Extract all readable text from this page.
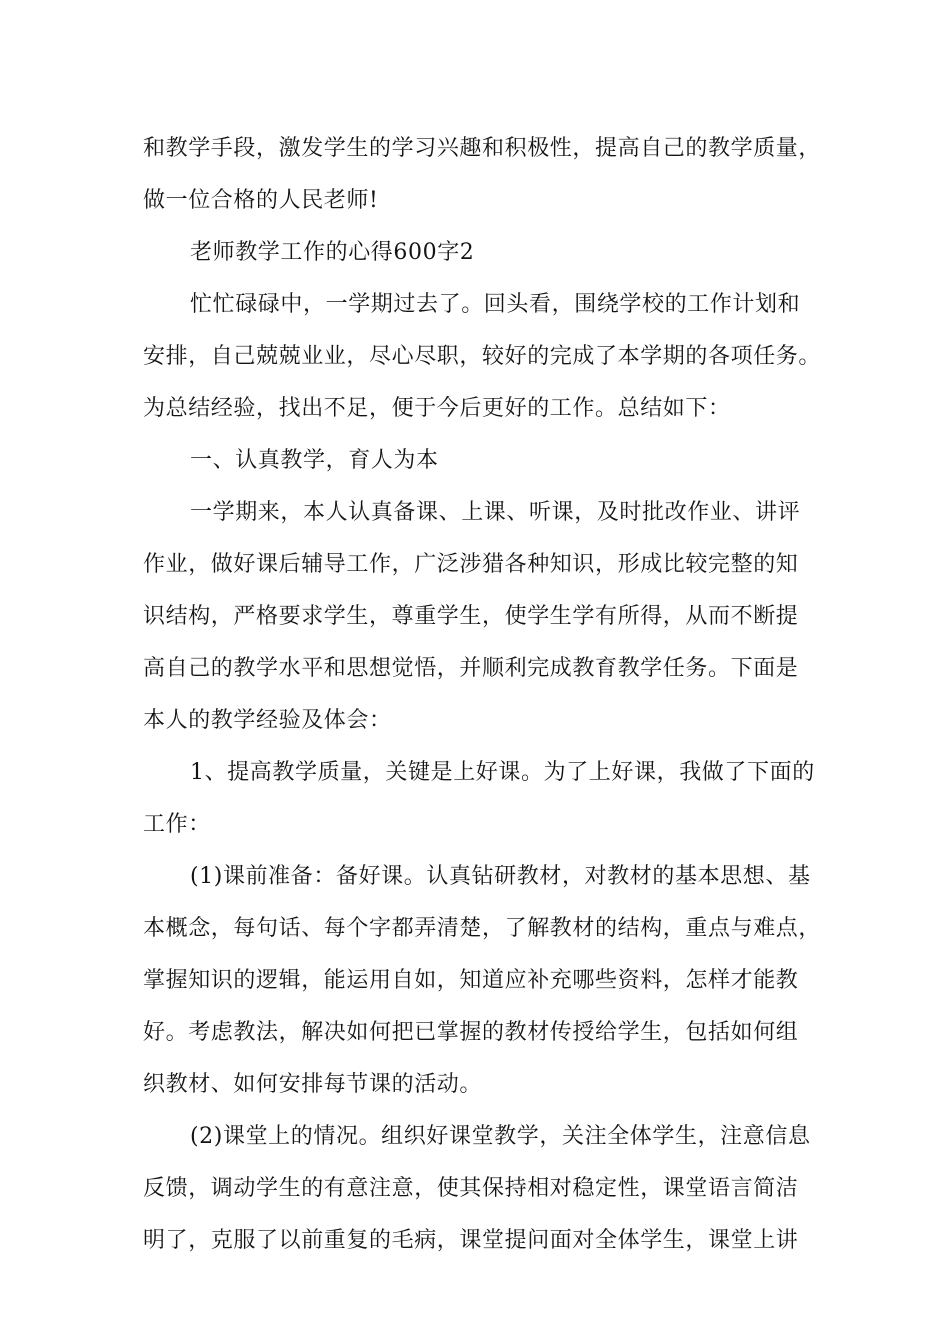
和教学手段，激发学生的学习兴趣和积极性，提高自己的教学质量，
做一位合格的人民老师!
老师教学工作的心得600字2
忙忙碌碌中，一学期过去了。回头看，围绕学校的工作计划和
安排，自己兢兢业业，尽心尽职，较好的完成了本学期的各项任务。
为总结经验，找出不足，便于今后更好的工作。总结如下：
一、认真教学，育人为本
一学期来，本人认真备课、上课、听课，及时批改作业、讲评
作业，做好课后辅导工作，广泛涉猎各种知识，形成比较完整的知
识结构，严格要求学生，尊重学生，使学生学有所得，从而不断提
高自己的教学水平和思想觉悟，并顺利完成教育教学任务。下面是
本人的教学经验及体会：
1、提高教学质量，关键是上好课。为了上好课，我做了下面的
工作：
(1)课前准备：备好课。认真钻研教材，对教材的基本思想、基
本概念，每句话、每个字都弄清楚，了解教材的结构，重点与难点，
掌握知识的逻辑，能运用自如，知道应补充哪些资料，怎样才能教
好。考虑教法，解决如何把已掌握的教材传授给学生，包括如何组
织教材、如何安排每节课的活动。
(2)课堂上的情况。组织好课堂教学，关注全体学生，注意信息
反馈，调动学生的有意注意，使其保持相对稳定性，课堂语言简洁
明了，克服了以前重复的毛病，课堂提问面对全体学生，课堂上讲
